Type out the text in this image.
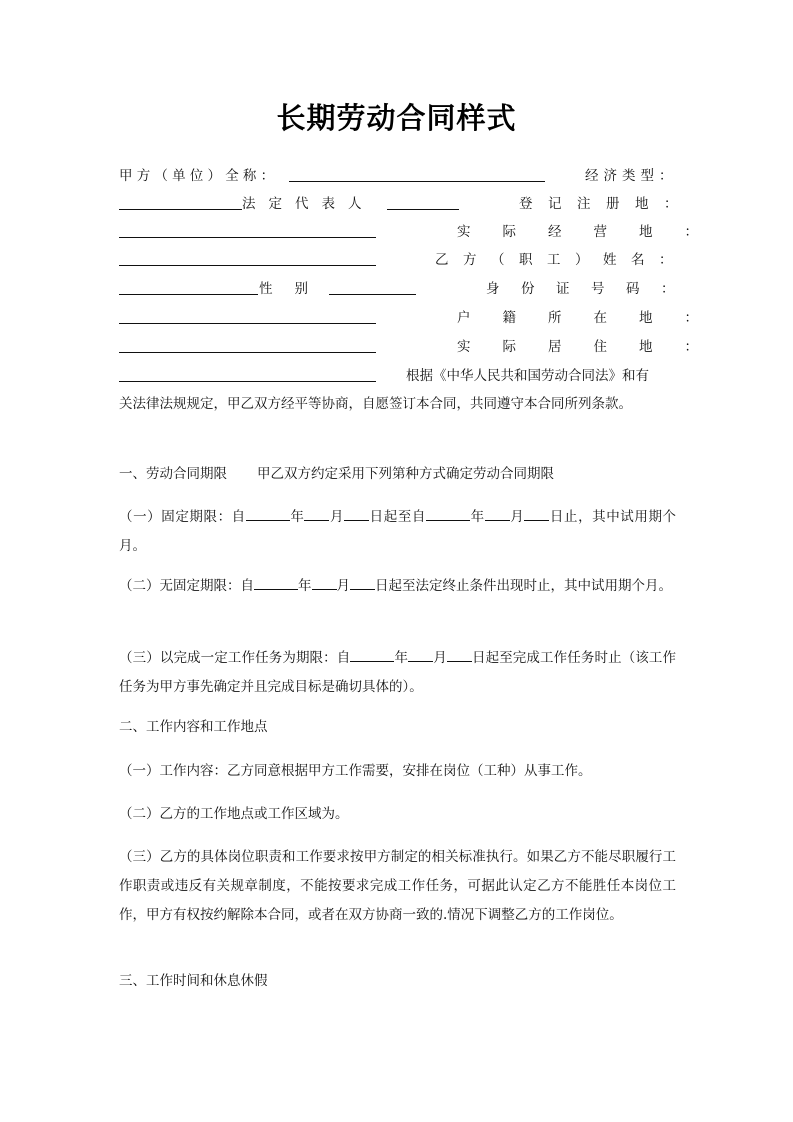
长期劳动合同样式
甲方（单位）全称：	经济类型：
法定代表人	登记注册地：
实际经营地：
乙方（职工）姓名：
性别	身份证号码：
户籍所在地：
实际居住地：
根据《中华人民共和国劳动合同法》和有
关法律法规规定，甲乙双方经平等协商，自愿签订本合同，共同遵守本合同所列条款。
一、劳动合同期限 甲乙双方约定采用下列第种方式确定劳动合同期限
（一）固定期限：自	年 月 日起至自	年 月 日止，其中试用期个月。
（二）无固定期限：自	年 月 日起至法定终止条件出现时止，其中试用期个月。
（三）以完成一定工作任务为期限：自	年 月 日起至完成工作任务时止（该工作任务为甲方事先确定并且完成目标是确切具体的）。
二、工作内容和工作地点
（一）工作内容：乙方同意根据甲方工作需要，安排在岗位（工种）从事工作。
（二）乙方的工作地点或工作区域为。
（三）乙方的具体岗位职责和工作要求按甲方制定的相关标准执行。如果乙方不能尽职履行工作职责或违反有关规章制度，不能按要求完成工作任务，可据此认定乙方不能胜任本岗位工作，甲方有权按约解除本合同，或者在双方协商一致的.情况下调整乙方的工作岗位。
三、工作时间和休息休假
